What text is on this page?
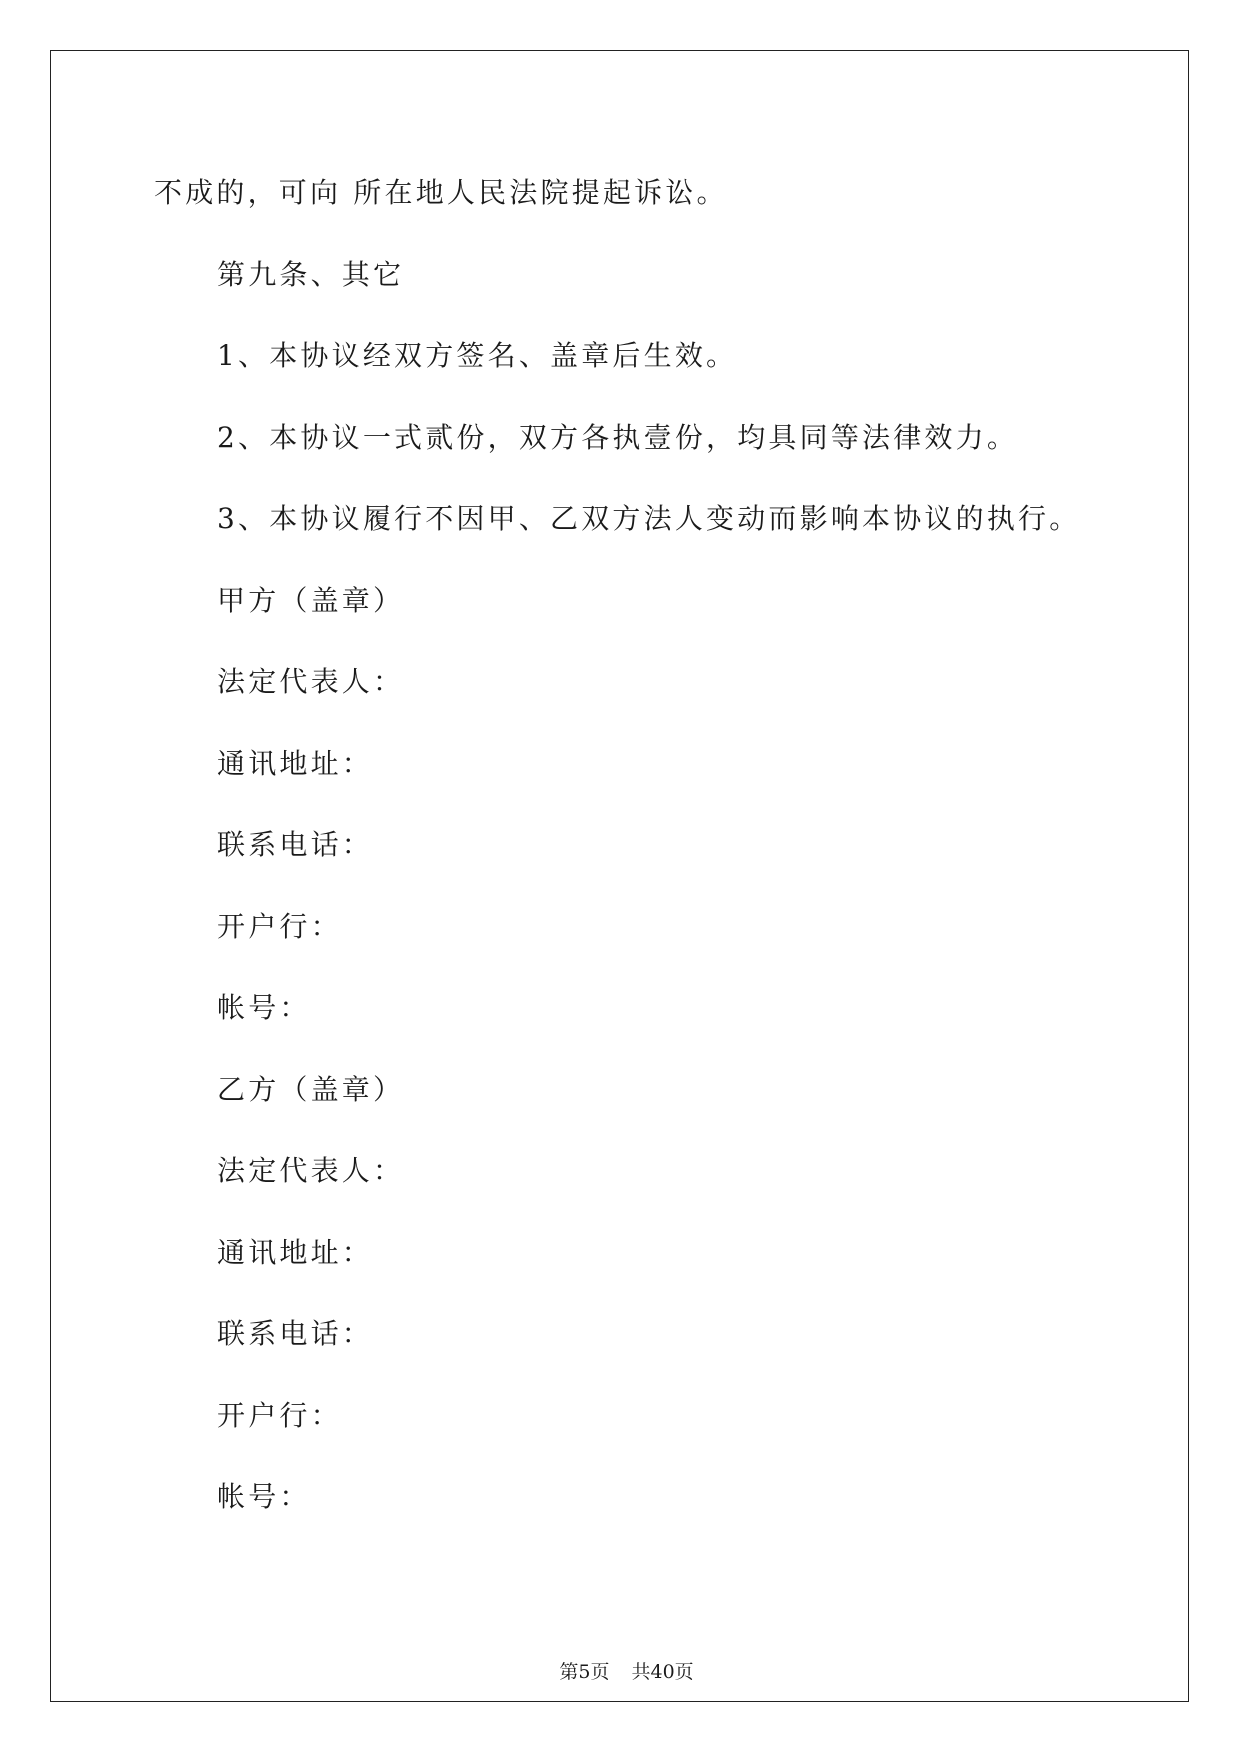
不成的，可向 所在地人民法院提起诉讼。
第九条、其它
1、本协议经双方签名、盖章后生效。
2、本协议一式贰份，双方各执壹份，均具同等法律效力。
3、本协议履行不因甲、乙双方法人变动而影响本协议的执行。
甲方（盖章）
法定代表人：
通讯地址：
联系电话：
开户行：
帐号：
乙方（盖章）
法定代表人：
通讯地址：
联系电话：
开户行：
帐号：

第5页 共40页
